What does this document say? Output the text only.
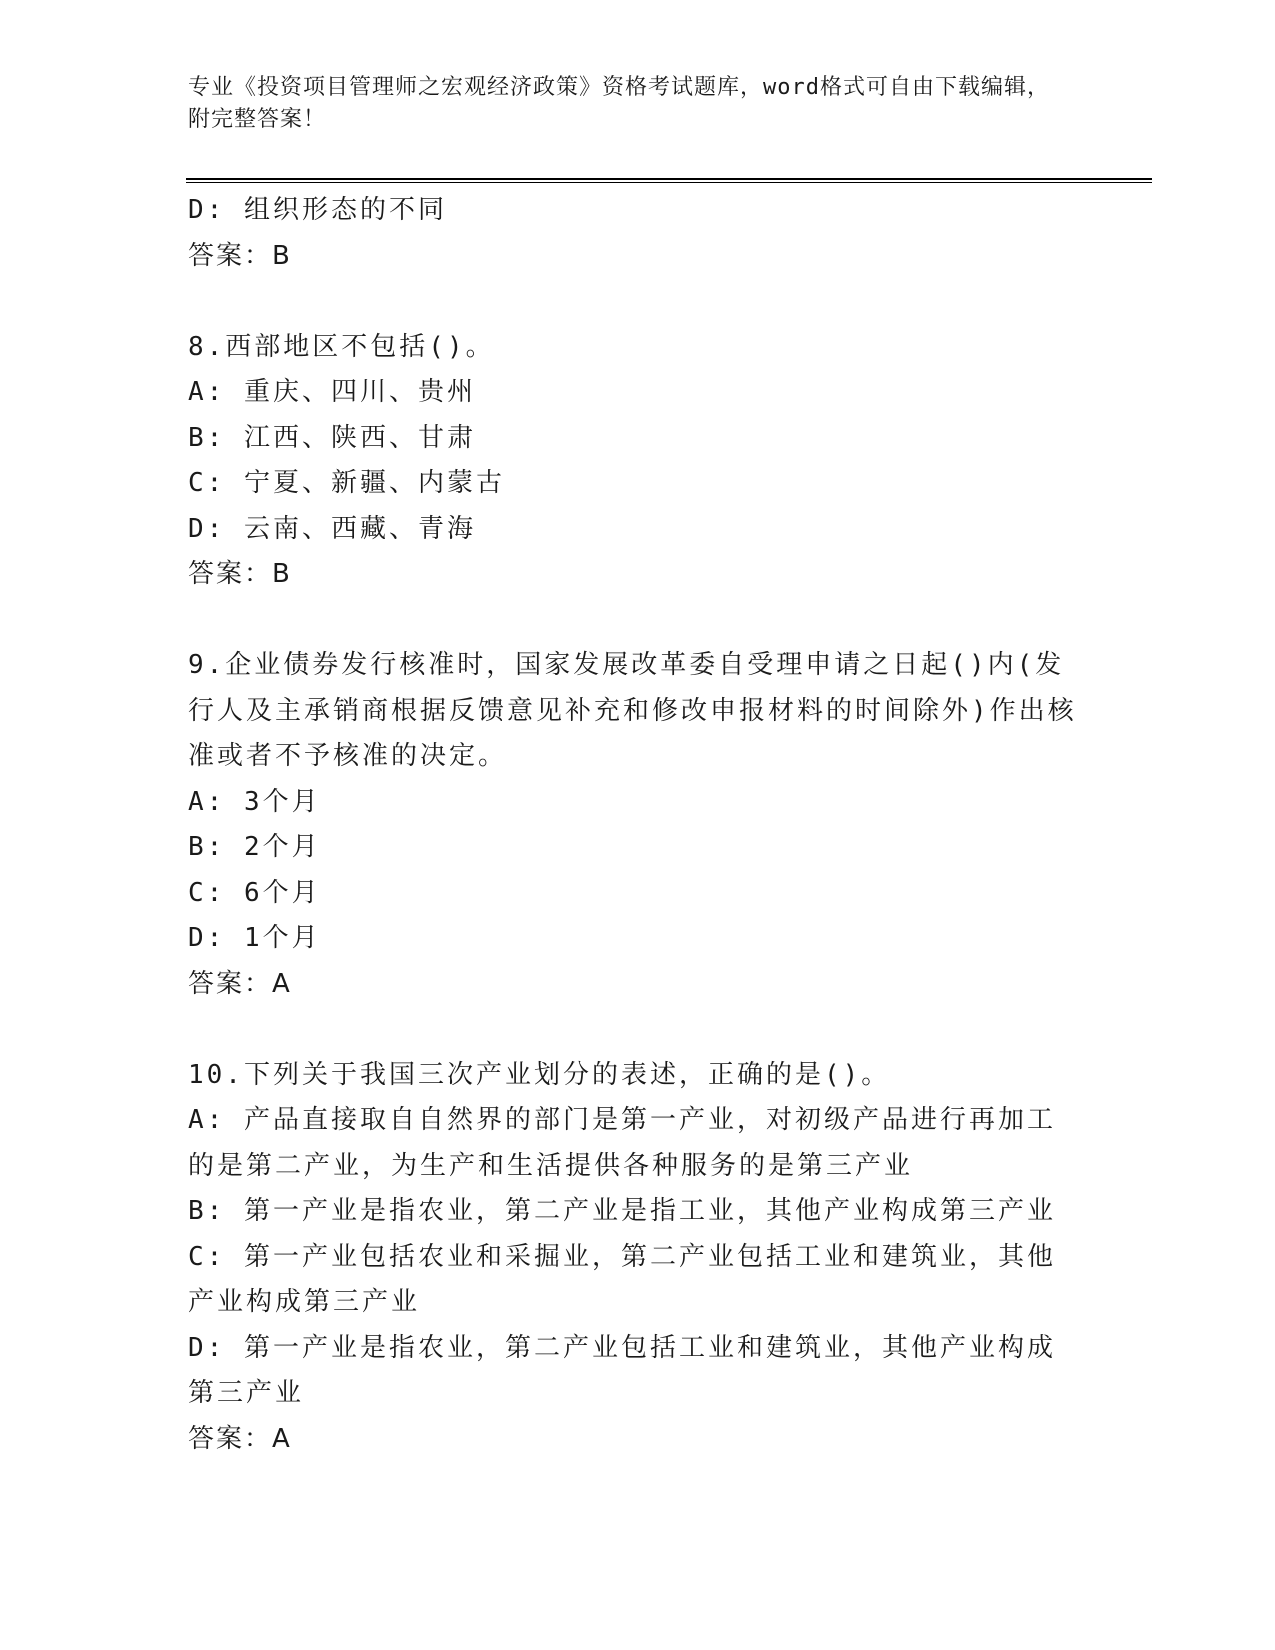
专业《投资项目管理师之宏观经济政策》资格考试题库，word格式可自由下载编辑，附完整答案！
D: 组织形态的不同
答案：B
8.西部地区不包括()。
A: 重庆、四川、贵州
B: 江西、陕西、甘肃
C: 宁夏、新疆、内蒙古
D: 云南、西藏、青海
答案：B
9.企业债券发行核准时，国家发展改革委自受理申请之日起()内(发行人及主承销商根据反馈意见补充和修改申报材料的时间除外)作出核准或者不予核准的决定。
A: 3个月
B: 2个月
C: 6个月
D: 1个月
答案：A
10.下列关于我国三次产业划分的表述，正确的是()。
A: 产品直接取自自然界的部门是第一产业，对初级产品进行再加工的是第二产业，为生产和生活提供各种服务的是第三产业
B: 第一产业是指农业，第二产业是指工业，其他产业构成第三产业
C: 第一产业包括农业和采掘业，第二产业包括工业和建筑业，其他产业构成第三产业
D: 第一产业是指农业，第二产业包括工业和建筑业，其他产业构成第三产业
答案：A
